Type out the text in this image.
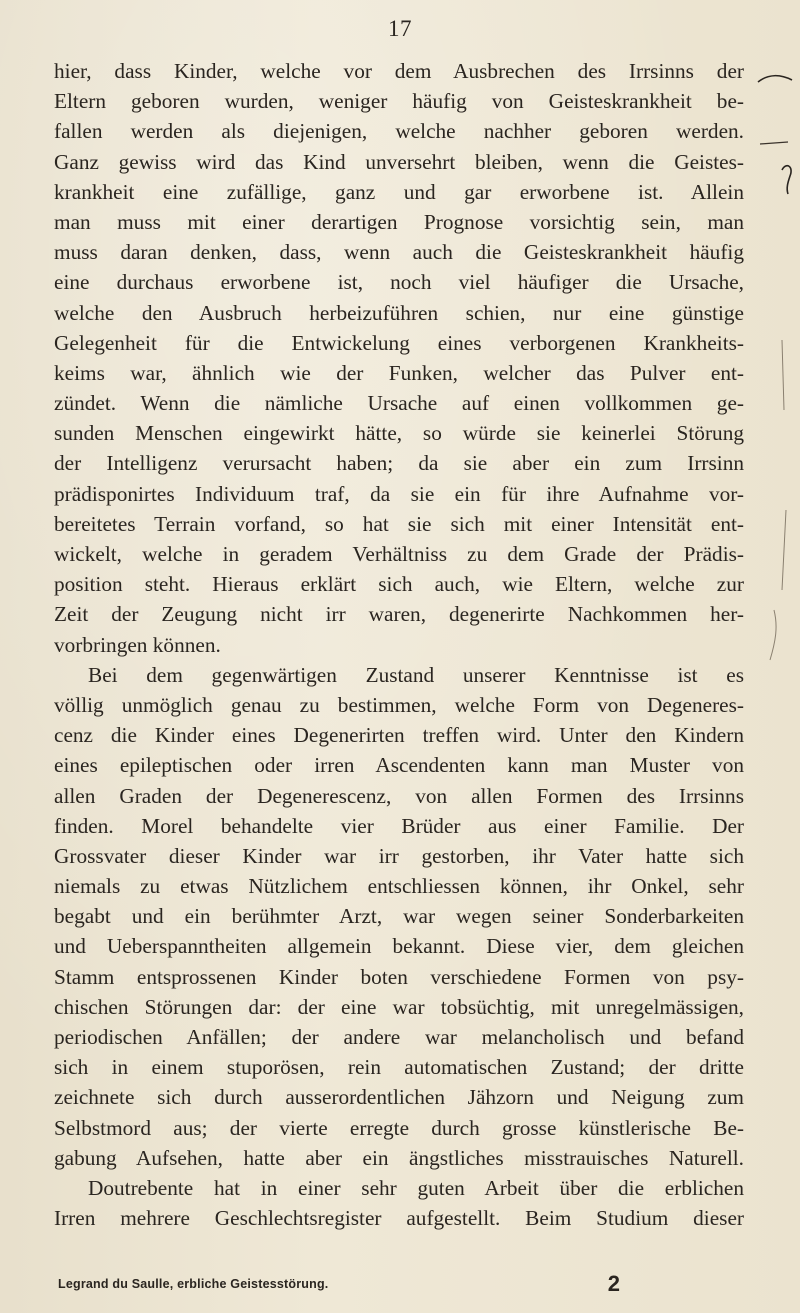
17
hier, dass Kinder, welche vor dem Ausbrechen des Irrsinns der
Eltern geboren wurden, weniger häufig von Geisteskrankheit be-
fallen werden als diejenigen, welche nachher geboren werden.
Ganz gewiss wird das Kind unversehrt bleiben, wenn die Geistes-
krankheit eine zufällige, ganz und gar erworbene ist. Allein
man muss mit einer derartigen Prognose vorsichtig sein, man
muss daran denken, dass, wenn auch die Geisteskrankheit häufig
eine durchaus erworbene ist, noch viel häufiger die Ursache,
welche den Ausbruch herbeizuführen schien, nur eine günstige
Gelegenheit für die Entwickelung eines verborgenen Krankheits-
keims war, ähnlich wie der Funken, welcher das Pulver ent-
zündet. Wenn die nämliche Ursache auf einen vollkommen ge-
sunden Menschen eingewirkt hätte, so würde sie keinerlei Störung
der Intelligenz verursacht haben; da sie aber ein zum Irrsinn
prädisponirtes Individuum traf, da sie ein für ihre Aufnahme vor-
bereitetes Terrain vorfand, so hat sie sich mit einer Intensität ent-
wickelt, welche in geradem Verhältniss zu dem Grade der Prädis-
position steht. Hieraus erklärt sich auch, wie Eltern, welche zur
Zeit der Zeugung nicht irr waren, degenerirte Nachkommen her-
vorbringen können.
Bei dem gegenwärtigen Zustand unserer Kenntnisse ist es
völlig unmöglich genau zu bestimmen, welche Form von Degeneres-
cenz die Kinder eines Degenerirten treffen wird. Unter den Kindern
eines epileptischen oder irren Ascendenten kann man Muster von
allen Graden der Degenerescenz, von allen Formen des Irrsinns
finden. Morel behandelte vier Brüder aus einer Familie. Der
Grossvater dieser Kinder war irr gestorben, ihr Vater hatte sich
niemals zu etwas Nützlichem entschliessen können, ihr Onkel, sehr
begabt und ein berühmter Arzt, war wegen seiner Sonderbarkeiten
und Ueberspanntheiten allgemein bekannt. Diese vier, dem gleichen
Stamm entsprossenen Kinder boten verschiedene Formen von psy-
chischen Störungen dar: der eine war tobsüchtig, mit unregelmässigen,
periodischen Anfällen; der andere war melancholisch und befand
sich in einem stuporösen, rein automatischen Zustand; der dritte
zeichnete sich durch ausserordentlichen Jähzorn und Neigung zum
Selbstmord aus; der vierte erregte durch grosse künstlerische Be-
gabung Aufsehen, hatte aber ein ängstliches misstrauisches Naturell.
Doutrebente hat in einer sehr guten Arbeit über die erblichen
Irren mehrere Geschlechtsregister aufgestellt. Beim Studium dieser
Legrand du Saulle, erbliche Geistesstörung.	2
